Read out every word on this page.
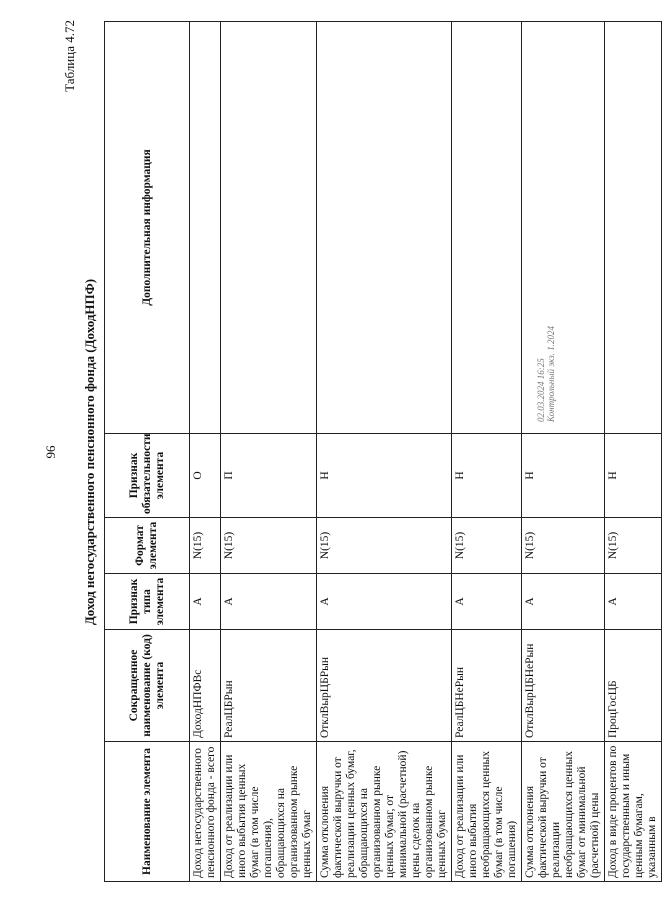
96
Таблица 4.72
Доход негосударственного пенсионного фонда (ДоходНПФ)
Наименование элемента	Сокращенное наименование (код) элемента	Признак типа элемента	Формат элемента	Признак обязательности элемента	Дополнительная информация
Доход негосударственного пенсионного фонда - всего	ДоходНПФВс	А	N(15)	О	
Доход от реализации или иного выбытия ценных бумаг (в том числе погашения), обращающихся на организованном рынке ценных бумаг	РеалЦБРын	А	N(15)	П	
Сумма отклонения фактической выручки от реализации ценных бумаг, обращающихся на организованном рынке ценных бумаг, от минимальной (расчетной) цены сделок на организованном рынке ценных бумаг	ОтклВырЦБРын	А	N(15)	Н	
Доход от реализации или иного выбытия необращающихся ценных бумаг (в том числе погашения)	РеалЦБНеРын	А	N(15)	Н	
Сумма отклонения фактической выручки от реализации необращающихся ценных бумаг от минимальной (расчетной) цены	ОтклВырЦБНеРын	А	N(15)	Н	
Доход в виде процентов по государственным и иным ценным бумагам, указанным в	ПроцГосЦБ	А	N(15)	Н	
02.03.2024 16:25 Контрольный экз. 1.2024
